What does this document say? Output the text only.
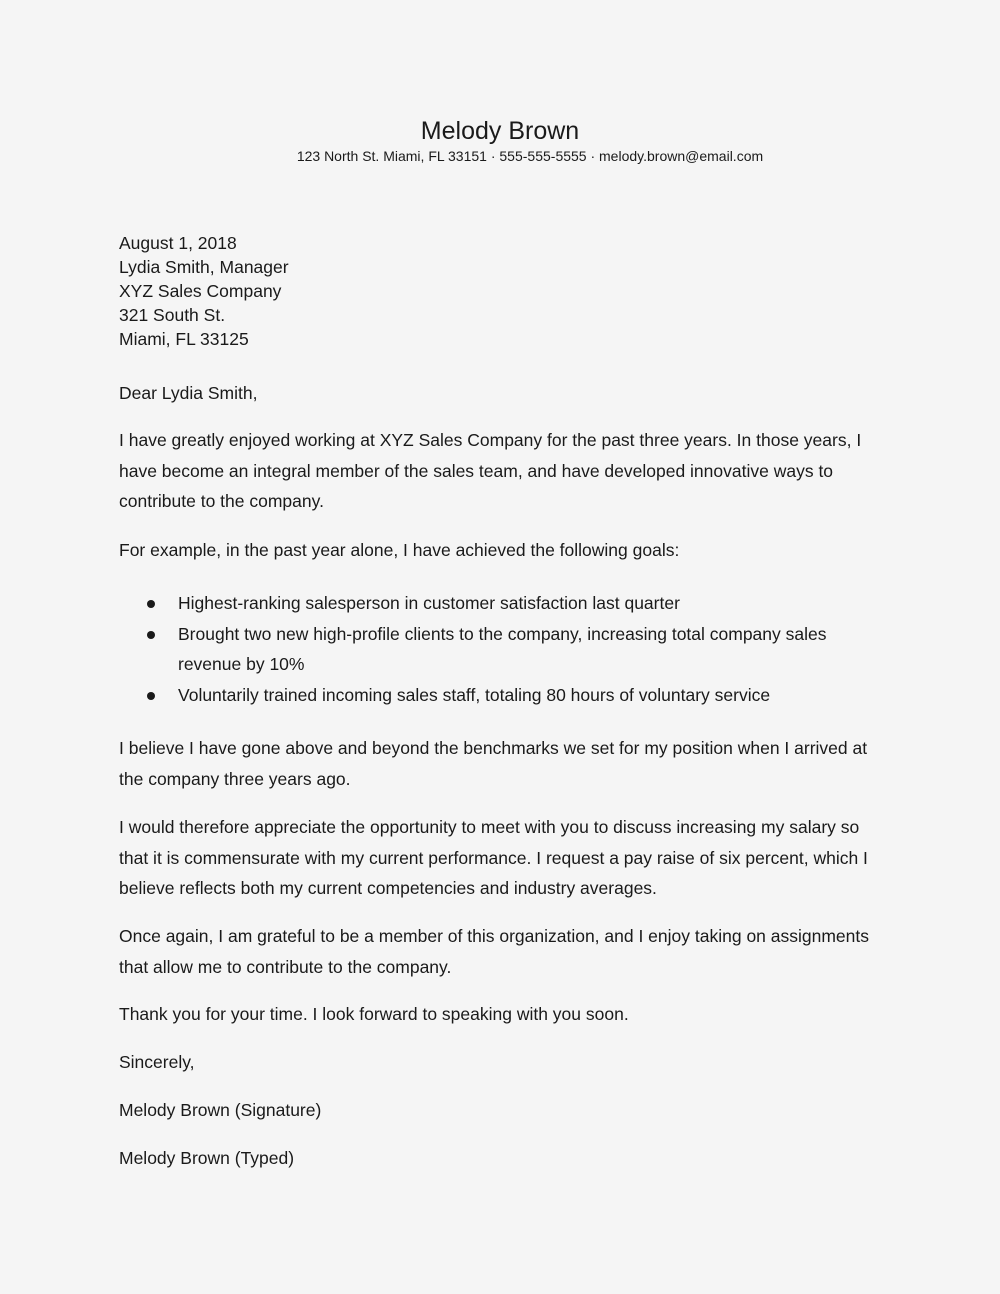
Melody Brown
123 North St. Miami, FL 33151 · 555-555-5555 · melody.brown@email.com
August 1, 2018
Lydia Smith, Manager
XYZ Sales Company
321 South St.
Miami, FL 33125

Dear Lydia Smith,

I have greatly enjoyed working at XYZ Sales Company for the past three years. In those years, I have become an integral member of the sales team, and have developed innovative ways to contribute to the company.

For example, in the past year alone, I have achieved the following goals:

Highest-ranking salesperson in customer satisfaction last quarter
Brought two new high-profile clients to the company, increasing total company sales revenue by 10%
Voluntarily trained incoming sales staff, totaling 80 hours of voluntary service

I believe I have gone above and beyond the benchmarks we set for my position when I arrived at the company three years ago.

I would therefore appreciate the opportunity to meet with you to discuss increasing my salary so that it is commensurate with my current performance. I request a pay raise of six percent, which I believe reflects both my current competencies and industry averages.

Once again, I am grateful to be a member of this organization, and I enjoy taking on assignments that allow me to contribute to the company.

Thank you for your time. I look forward to speaking with you soon.

Sincerely,

Melody Brown (Signature)

Melody Brown (Typed)
